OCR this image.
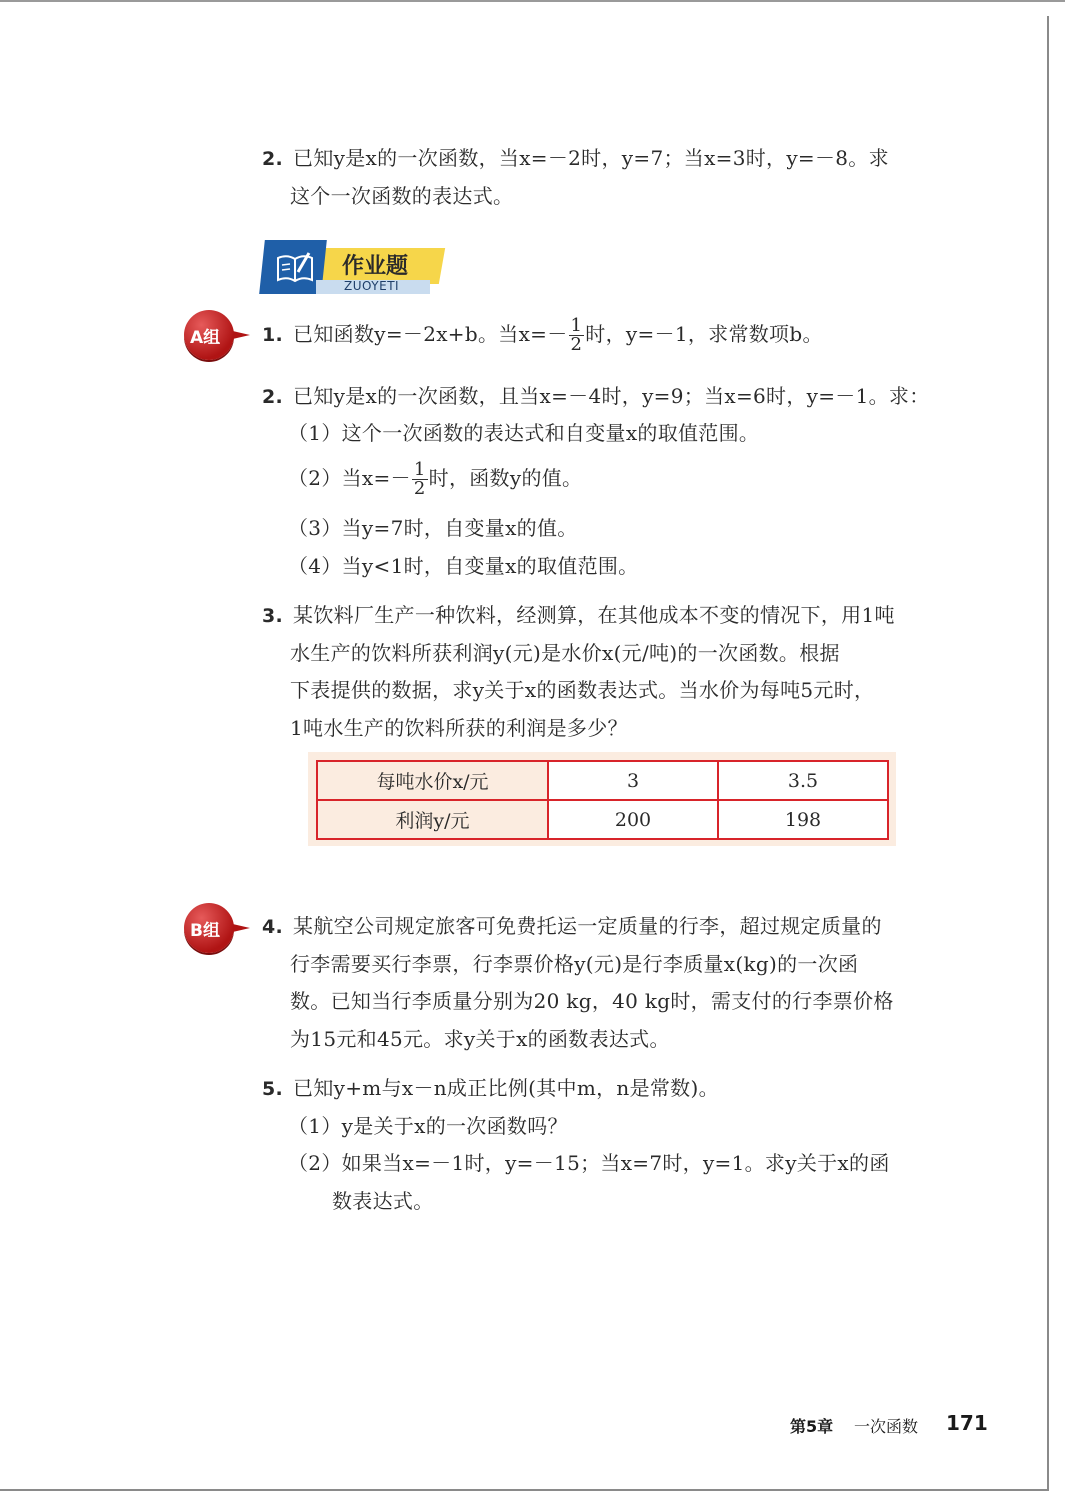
2. 已知y是x的一次函数，当x=－2时，y=7；当x=3时，y=－8。求
这个一次函数的表达式。
作业题
ZUOYETI
A组 1. 已知函数y=－2x+b。当$x=- \frac{1}{2}$ 时，y=－1，求常数项b。
2. 已知y是x的一次函数，且当x=－4时，y=9；当x=6时，y=－1。求：
（1）这个一次函数的表达式和自变量x的取值范围。
（2）当$x=- \frac{1}{2}$ 时，函数y的值。
（3）当y=7时，自变量x的值。
（4）当y<1时，自变量x的取值范围。
3. 某饮料厂生产一种饮料，经测算，在其他成本不变的情况下，用1吨
水生产的饮料所获利润y(元)是水价x(元/吨)的一次函数。根据
下表提供的数据，求y关于x的函数表达式。当水价为每吨5元时，
1吨水生产的饮料所获的利润是多少？
每吨水价x/元	3	3.5
利润y/元	200	198
B组 4. 某航空公司规定旅客可免费托运一定质量的行李，超过规定质量的
行李需要买行李票，行李票价格y(元)是行李质量x(kg)的一次函
数。已知当行李质量分别为20 kg，40 kg时，需支付的行李票价格
为15元和45元。求y关于x的函数表达式。
5. 已知y+m与x－n成正比例(其中m，n是常数)。
（1）y是关于x的一次函数吗？
（2）如果当x=－1时，y=－15；当x=7时，y=1。求y关于x的函
数表达式。
第5章 一次函数 171
